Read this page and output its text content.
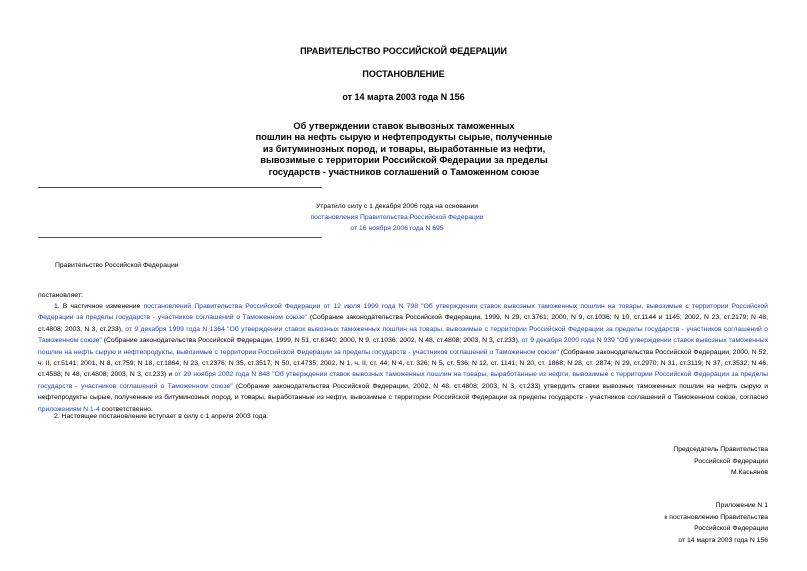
ПРАВИТЕЛЬСТВО РОССИЙСКОЙ ФЕДЕРАЦИИ
ПОСТАНОВЛЕНИЕ
от 14 марта 2003 года N 156
Об утверждении ставок вывозных таможенных
пошлин на нефть сырую и нефтепродукты сырые, полученные
из битуминозных пород, и товары, выработанные из нефти,
вывозимые с территории Российской Федерации за пределы
государств - участников соглашений о Таможенном союзе
Утратило силу с 1 декабря 2006 года на основании
постановления Правительства Российской Федерации
от 16 ноября 2006 года N 695
Правительство Российской Федерации
постановляет:
1. В частичное изменение постановлений Правительства Российской Федерации от 12 июля 1999 года N 798 "Об утверждении ставок вывозных таможенных пошлин на товары, вывозимые с территории Российской Федерации за пределы государств - участников соглашений о Таможенном союзе" (Собрание законодательства Российской Федерации, 1999, N 29, ст.3761; 2000, N 9, ст.1036; N 10, ст.1144 и 1145; 2002, N 23, ст.2179; N 48, ст.4808; 2003, N 3, ст.233), от 9 декабря 1999 года N 1364 "Об утверждении ставок вывозных таможенных пошлин на товары, вывозимые с территории Российской Федерации за пределы государств - участников соглашений о Таможенном союзе" (Собрание законодательства Российской Федерации, 1999, N 51, ст.6340; 2000, N 9, ст.1036; 2002, N 48, ст.4808; 2003, N 3, ст.233), от 9 декабря 2000 года N 939 "Об утверждении ставок вывозных таможенных пошлин на нефть сырую и нефтепродукты, вывозимые с территории Российской Федерации за пределы государств - участников соглашений о Таможенном союзе" (Собрание законодательства Российской Федерации, 2000, N 52, ч. II, ст.5141; 2001, N 8, ст.759; N 18, ст.1864; N 23, ст.2376; N 35, ст.3517; N 50, ст.4735; 2002, N 1, ч. II, ст. 44; N 4, ст. 326; N 5, ст. 536; N 12, ст. 1141; N 20, ст. 1868; N 28, ст. 2874; N 29, ст.2970; N 31, ст.3119; N 37, ст.3532; N 46, ст.4588; N 48, ст.4808; 2003, N 3, ст.233) и от 29 ноября 2002 года N 848 "Об утверждении ставок вывозных таможенных пошлин на товары, выработанные из нефти, вывозимые с территории Российской Федерации за пределы государств - участников соглашений о Таможенном союзе" (Собрание законодательства Российской Федерации, 2002, N 48, ст.4808; 2003, N 3, ст.233) утвердить ставки вывозных таможенных пошлин на нефть сырую и нефтепродукты сырые, полученные из битуминозных пород, и товары, выработанные из нефти, вывозимые с территории Российской Федерации за пределы государств - участников соглашений о Таможенном союзе, согласно приложениям N 1-4 соответственно.
2. Настоящее постановление вступает в силу с 1 апреля 2003 года.
Председатель Правительства
Российской Федерации
М.Касьянов
Приложение N 1
к постановлению Правительства
Российской Федерации
от 14 марта 2003 года N 156
